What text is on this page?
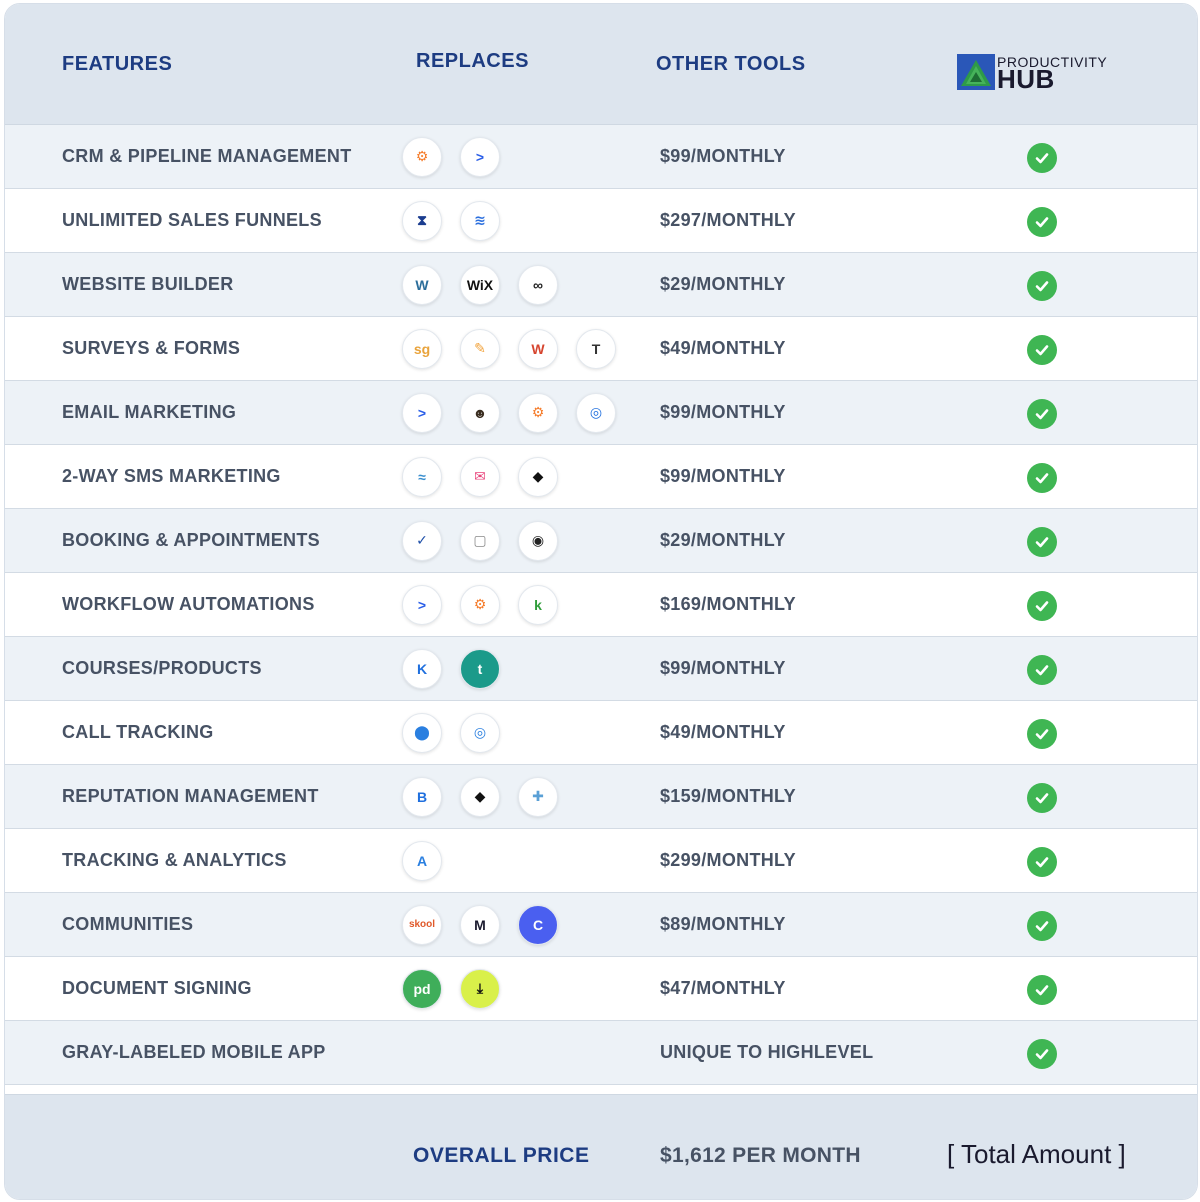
FEATURES	REPLACES	OTHER TOOLS	PRODUCTIVITY
HUB
CRM & PIPELINE MANAGEMENT	⚙	>	$99/MONTHLY
UNLIMITED SALES FUNNELS	⧗	≋	$297/MONTHLY
WEBSITE BUILDER	W	WiX	∞	$29/MONTHLY
SURVEYS & FORMS	sg	✎	W	T	$49/MONTHLY
EMAIL MARKETING	>	☻	⚙	◎	$99/MONTHLY
2-WAY SMS MARKETING	≈	✉	◆	$99/MONTHLY
BOOKING & APPOINTMENTS	✓	▢	◉	$29/MONTHLY
WORKFLOW AUTOMATIONS	>	⚙	k	$169/MONTHLY
COURSES/PRODUCTS	K	t	$99/MONTHLY
CALL TRACKING	⬤	◎	$49/MONTHLY
REPUTATION MANAGEMENT	B	◆	✚	$159/MONTHLY
TRACKING & ANALYTICS	A	$299/MONTHLY
COMMUNITIES	skool	M	C	$89/MONTHLY
DOCUMENT SIGNING	pd	⤓	$47/MONTHLY
GRAY-LABELED MOBILE APP	UNIQUE TO HIGHLEVEL
OVERALL PRICE	$1,612 PER MONTH	[ Total Amount ]
